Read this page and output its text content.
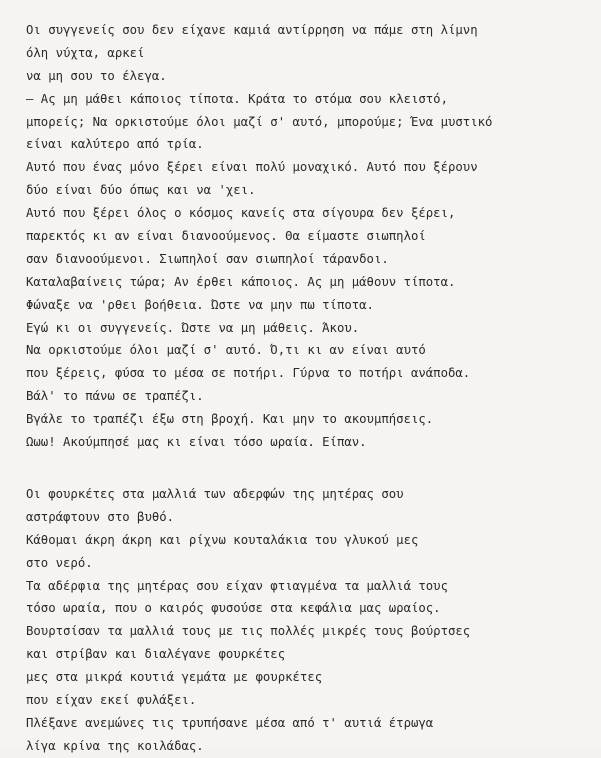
Οι συγγενείς σου δεν είχανε καμιά αντίρρηση να πάμε στη λίμνη
όλη νύχτα, αρκεί
να μη σου το έλεγα.
– Ας μη μάθει κάποιος τίποτα. Κράτα το στόμα σου κλειστό,
μπορείς; Να ορκιστούμε όλοι μαζί σ' αυτό, μπορούμε; Ένα μυστικό
είναι καλύτερο από τρία.
Αυτό που ένας μόνο ξέρει είναι πολύ μοναχικό. Αυτό που ξέρουν
δύο είναι δύο όπως και να 'χει.
Αυτό που ξέρει όλος ο κόσμος κανείς στα σίγουρα δεν ξέρει,
παρεκτός κι αν είναι διανοούμενος. Θα είμαστε σιωπηλοί
σαν διανοούμενοι. Σιωπηλοί σαν σιωπηλοί τάρανδοι.
Καταλαβαίνεις τώρα; Αν έρθει κάποιος. Ας μη μάθουν τίποτα.
Φώναξε να 'ρθει βοήθεια. Ώστε να μην πω τίποτα.
Εγώ κι οι συγγενείς. Ώστε να μη μάθεις. Άκου.
Να ορκιστούμε όλοι μαζί σ' αυτό. Ό,τι κι αν είναι αυτό
που ξέρεις, φύσα το μέσα σε ποτήρι. Γύρνα το ποτήρι ανάποδα.
Βάλ' το πάνω σε τραπέζι.
Βγάλε το τραπέζι έξω στη βροχή. Και μην το ακουμπήσεις.
Ωωω! Ακούμπησέ μας κι είναι τόσο ωραία. Είπαν.
Οι φουρκέτες στα μαλλιά των αδερφών της μητέρας σου
αστράφτουν στο βυθό.
Κάθομαι άκρη άκρη και ρίχνω κουταλάκια του γλυκού μες
στο νερό.
Τα αδέρφια της μητέρας σου είχαν φτιαγμένα τα μαλλιά τους
τόσο ωραία, που ο καιρός φυσούσε στα κεφάλια μας ωραίος.
Βουρτσίσαν τα μαλλιά τους με τις πολλές μικρές τους βούρτσες
και στρίβαν και διαλέγανε φουρκέτες
μες στα μικρά κουτιά γεμάτα με φουρκέτες
που είχαν εκεί φυλάξει.
Πλέξανε ανεμώνες τις τρυπήσανε μέσα από τ' αυτιά έτρωγα
λίγα κρίνα της κοιλάδας.
